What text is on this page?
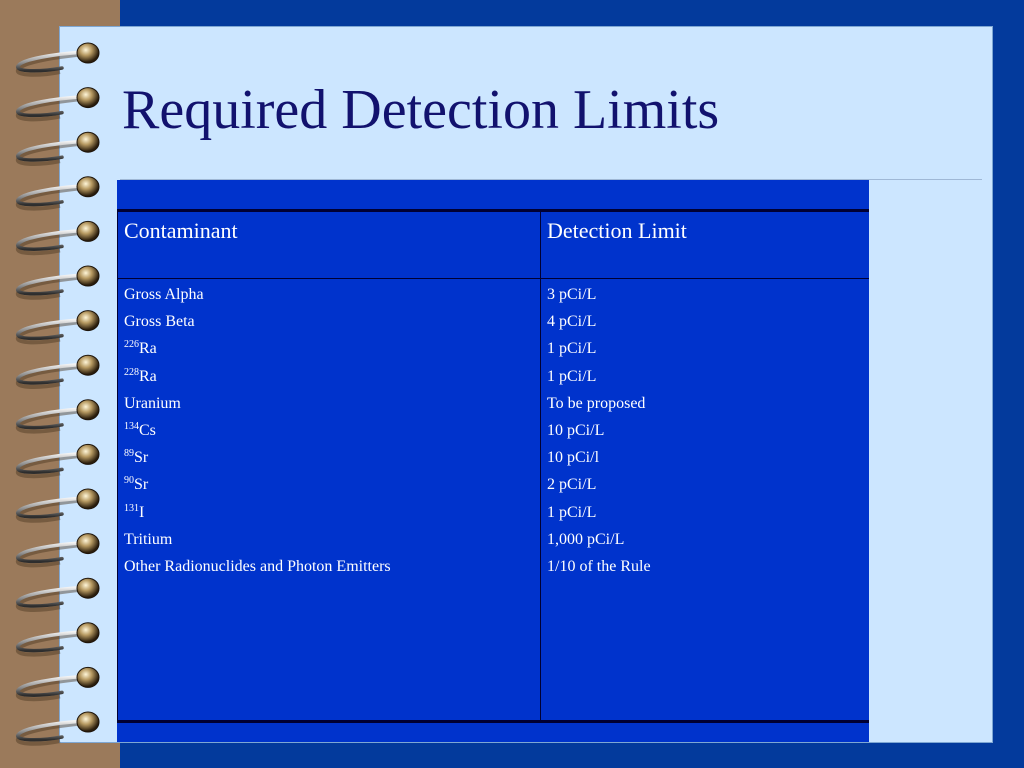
Required Detection Limits
Contaminant	Detection Limit
Gross Alpha
Gross Beta
$^{226}$Ra
$^{228}$Ra
Uranium
$^{134}$Cs
$^{89}$Sr
$^{90}$Sr
$^{131}$I
Tritium
Other Radionuclides and Photon Emitters
3 pCi/L
4 pCi/L
1 pCi/L
1 pCi/L
To be proposed
10 pCi/L
10 pCi/l
2 pCi/L
1 pCi/L
1,000 pCi/L
1/10 of the Rule
